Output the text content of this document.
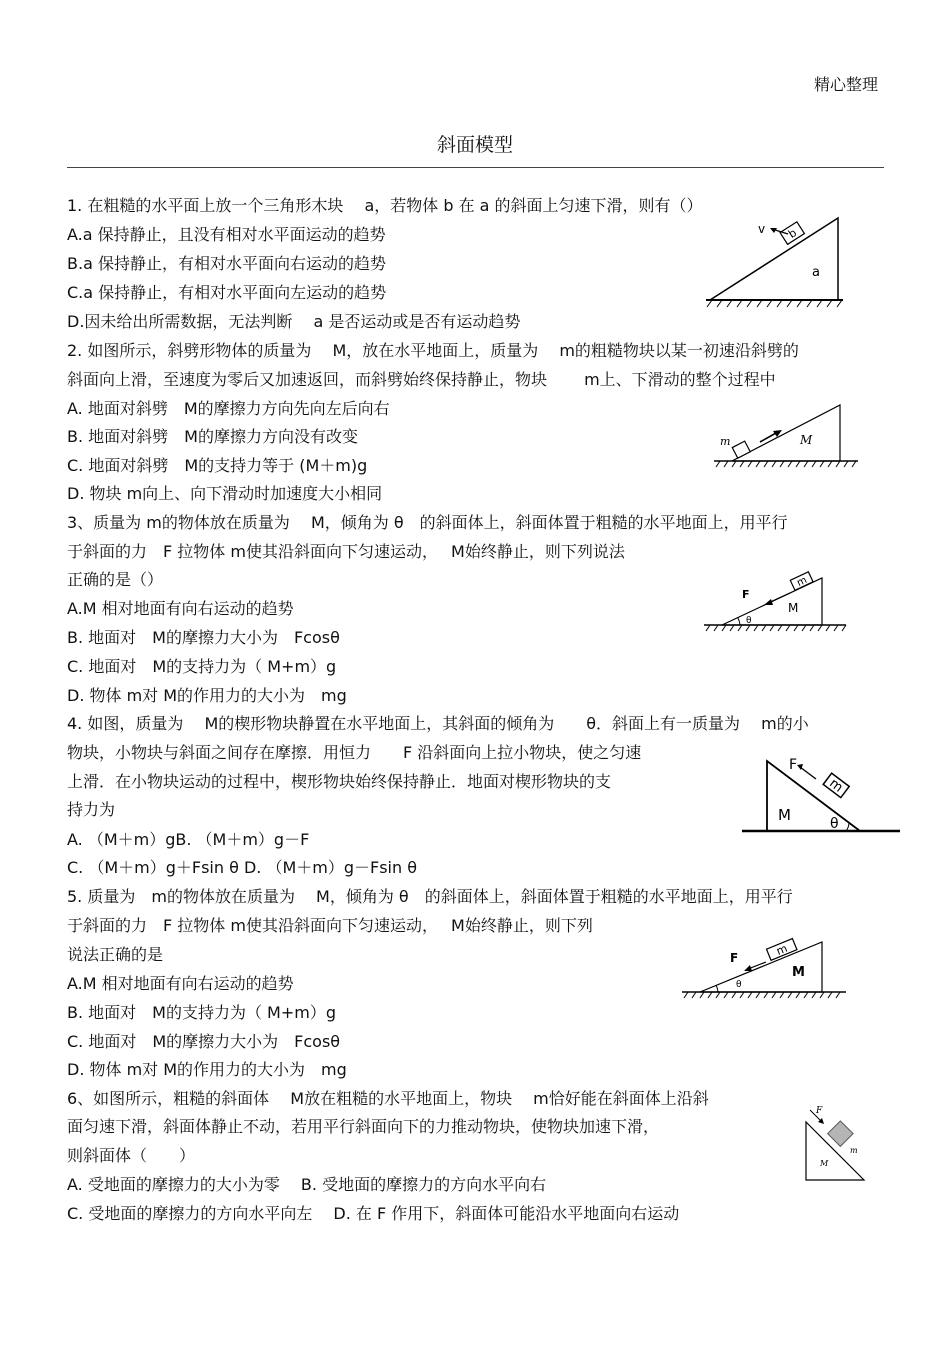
精心整理
斜面模型
1. 在粗糙的水平面上放一个三角形木块　 a，若物体 b 在 a 的斜面上匀速下滑，则有（）
A.a 保持静止，且没有相对水平面运动的趋势
B.a 保持静止，有相对水平面向右运动的趋势
C.a 保持静止，有相对水平面向左运动的趋势
D.因未给出所需数据，无法判断　 a 是否运动或是否有运动趋势
2. 如图所示，斜劈形物体的质量为　 M，放在水平地面上，质量为　 m的粗糙物块以某一初速沿斜劈的
斜面向上滑，至速度为零后又加速返回，而斜劈始终保持静止，物块　　 m上、下滑动的整个过程中
A. 地面对斜劈　M的摩擦力方向先向左后向右
B. 地面对斜劈　M的摩擦力方向没有改变
C. 地面对斜劈　M的支持力等于 (M＋m)g
D. 物块 m向上、向下滑动时加速度大小相同
3、质量为 m的物体放在质量为　 M，倾角为 θ　的斜面体上，斜面体置于粗糙的水平地面上，用平行
于斜面的力　F 拉物体 m使其沿斜面向下匀速运动，　 M始终静止，则下列说法
正确的是（）
A.M 相对地面有向右运动的趋势
B. 地面对　M的摩擦力大小为　Fcosθ
C. 地面对　M的支持力为（ M+m）g
D. 物体 m对 M的作用力的大小为　mg
4. 如图，质量为　 M的楔形物块静置在水平地面上，其斜面的倾角为　　θ．斜面上有一质量为　 m的小
物块，小物块与斜面之间存在摩擦．用恒力　　F 沿斜面向上拉小物块，使之匀速
上滑．在小物块运动的过程中，楔形物块始终保持静止．地面对楔形物块的支
持力为
A. （M＋m）gB. （M＋m）g－F
C. （M＋m）g＋Fsin θ D. （M＋m）g－Fsin θ
5. 质量为　m的物体放在质量为　 M，倾角为 θ　的斜面体上，斜面体置于粗糙的水平地面上，用平行
于斜面的力　F 拉物体 m使其沿斜面向下匀速运动，　 M始终静止，则下列
说法正确的是
A.M 相对地面有向右运动的趋势
B. 地面对　M的支持力为（ M+m）g
C. 地面对　M的摩擦力大小为　Fcosθ
D. 物体 m对 M的作用力的大小为　mg
6、如图所示，粗糙的斜面体　 M放在粗糙的水平地面上，物块　 m恰好能在斜面体上沿斜
面匀速下滑，斜面体静止不动，若用平行斜面向下的力推动物块，使物块加速下滑，
则斜面体（　　）
A. 受地面的摩擦力的大小为零　 B. 受地面的摩擦力的方向水平向右
C. 受地面的摩擦力的方向水平向左　 D. 在 F 作用下，斜面体可能沿水平地面向右运动
b
v
a
m	M
m
F
M
θ
m
F
M	θ
m
F
M
θ
F
m
M
